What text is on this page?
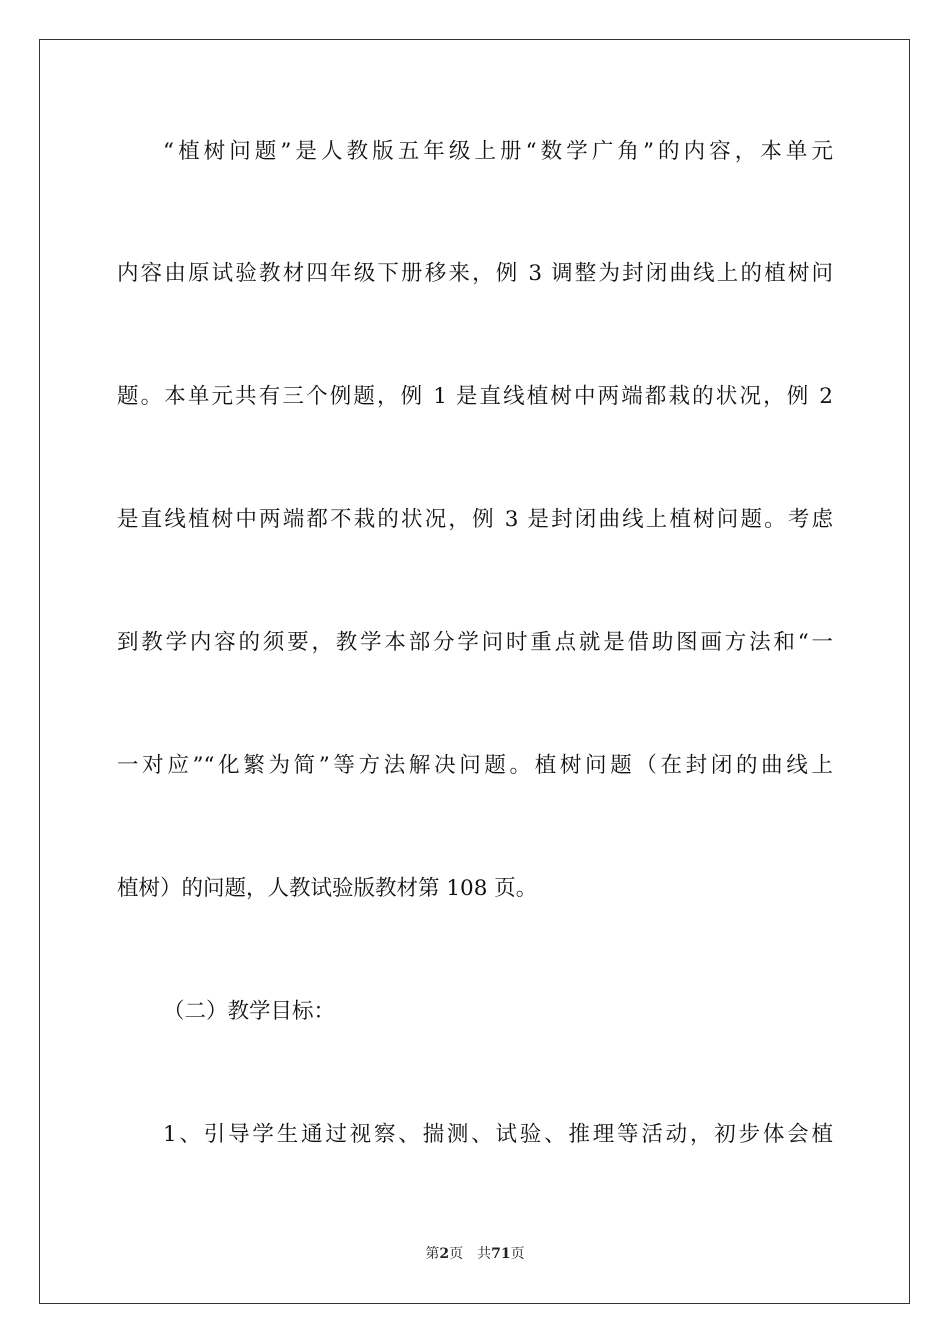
“植树问题”是人教版五年级上册“数学广角”的内容，本单元
内容由原试验教材四年级下册移来，例 3 调整为封闭曲线上的植树问
题。本单元共有三个例题，例 1 是直线植树中两端都栽的状况，例 2
是直线植树中两端都不栽的状况，例 3 是封闭曲线上植树问题。考虑
到教学内容的须要，教学本部分学问时重点就是借助图画方法和“一
一对应”“化繁为简”等方法解决问题。植树问题（在封闭的曲线上
植树）的问题，人教试验版教材第 108 页。
（二）教学目标：
1、引导学生通过视察、揣测、试验、推理等活动，初步体会植
第2页 共71页
